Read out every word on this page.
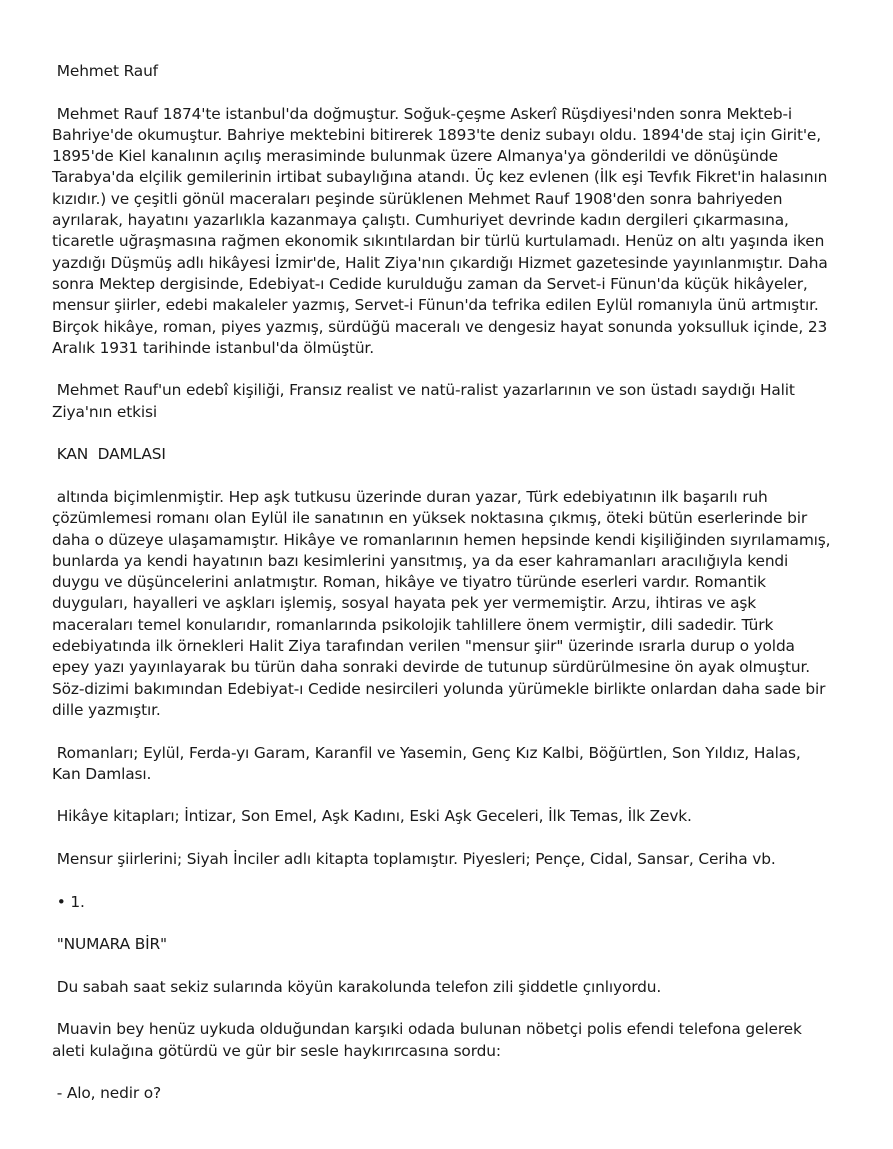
Mehmet Rauf

Mehmet Rauf 1874'te istanbul'da doğmuştur. Soğuk-çeşme Askerî Rüşdiyesi'nden sonra Mekteb-i Bahriye'de okumuştur. Bahriye mektebini bitirerek 1893'te deniz subayı oldu. 1894'de staj için Girit'e, 1895'de Kiel kanalının açılış merasiminde bulunmak üzere Almanya'ya gönderildi ve dönüşünde Tarabya'da elçilik gemilerinin irtibat subaylığına atandı. Üç kez evlenen (İlk eşi Tevfık Fikret'in halasının kızıdır.) ve çeşitli gönül maceraları peşinde sürüklenen Mehmet Rauf 1908'den sonra bahriyeden ayrılarak, hayatını yazarlıkla kazanmaya çalıştı. Cumhuriyet devrinde kadın dergileri çıkarmasına, ticaretle uğraşmasına rağmen ekonomik sıkıntılardan bir türlü kurtulamadı. Henüz on altı yaşında iken yazdığı Düşmüş adlı hikâyesi İzmir'de, Halit Ziya'nın çıkardığı Hizmet gazetesinde yayınlanmıştır. Daha sonra Mektep dergisinde, Edebiyat-ı Cedide kurulduğu zaman da Servet-i Fünun'da küçük hikâyeler, mensur şiirler, edebi makaleler yazmış, Servet-i Fünun'da tefrika edilen Eylül romanıyla ünü artmıştır. Birçok hikâye, roman, piyes yazmış, sürdüğü maceralı ve dengesiz hayat sonunda yoksulluk içinde, 23 Aralık 1931 tarihinde istanbul'da ölmüştür.

Mehmet Rauf'un edebî kişiliği, Fransız realist ve natü-ralist yazarlarının ve son üstadı saydığı Halit Ziya'nın etkisi

KAN  DAMLASI

altında biçimlenmiştir. Hep aşk tutkusu üzerinde duran yazar, Türk edebiyatının ilk başarılı ruh çözümlemesi romanı olan Eylül ile sanatının en yüksek noktasına çıkmış, öteki bütün eserlerinde bir daha o düzeye ulaşamamıştır. Hikâye ve romanlarının hemen hepsinde kendi kişiliğinden sıyrılamamış, bunlarda ya kendi hayatının bazı kesimlerini yansıtmış, ya da eser kahramanları aracılığıyla kendi duygu ve düşüncelerini anlatmıştır. Roman, hikâye ve tiyatro türünde eserleri vardır. Romantik duyguları, hayalleri ve aşkları işlemiş, sosyal hayata pek yer vermemiştir. Arzu, ihtiras ve aşk maceraları temel konularıdır, romanlarında psikolojik tahlillere önem vermiştir, dili sadedir. Türk edebiyatında ilk örnekleri Halit Ziya tarafından verilen "mensur şiir" üzerinde ısrarla durup o yolda epey yazı yayınlayarak bu türün daha sonraki devirde de tutunup sürdürülmesine ön ayak olmuştur. Söz-dizimi bakımından Edebiyat-ı Cedide nesircileri yolunda yürümekle birlikte onlardan daha sade bir dille yazmıştır.

Romanları; Eylül, Ferda-yı Garam, Karanfil ve Yasemin, Genç Kız Kalbi, Böğürtlen, Son Yıldız, Halas, Kan Damlası.

Hikâye kitapları; İntizar, Son Emel, Aşk Kadını, Eski Aşk Geceleri, İlk Temas, İlk Zevk.

Mensur şiirlerini; Siyah İnciler adlı kitapta toplamıştır. Piyesleri; Pençe, Cidal, Sansar, Ceriha vb.

• 1.

"NUMARA BİR"

Du sabah saat sekiz sularında köyün karakolunda telefon zili şiddetle çınlıyordu.

Muavin bey henüz uykuda olduğundan karşıki odada bulunan nöbetçi polis efendi telefona gelerek aleti kulağına götürdü ve gür bir sesle haykırırcasına sordu:

- Alo, nedir o?
